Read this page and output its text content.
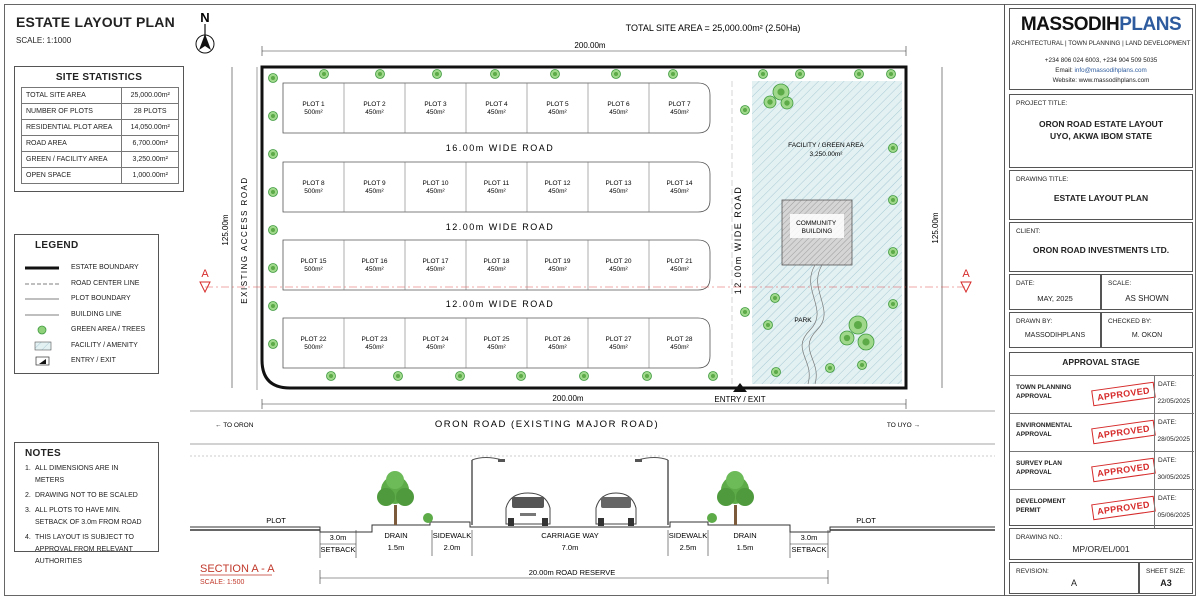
ESTATE LAYOUT PLAN
SCALE: 1:1000
SITE STATISTICS
TOTAL SITE AREA	25,000.00m²
NUMBER OF PLOTS	28 PLOTS
RESIDENTIAL PLOT AREA	14,050.00m²
ROAD AREA	6,700.00m²
GREEN / FACILITY AREA	3,250.00m²
OPEN SPACE	1,000.00m²
LEGEND
ESTATE BOUNDARY
ROAD CENTER LINE
PLOT BOUNDARY
BUILDING LINE
GREEN AREA / TREES
FACILITY / AMENITY
ENTRY / EXIT
NOTES
1. ALL DIMENSIONS ARE IN METERS
2. DRAWING NOT TO BE SCALED
3. ALL PLOTS TO HAVE MIN. SETBACK OF 3.0m FROM ROAD
4. THIS LAYOUT IS SUBJECT TO APPROVAL FROM RELEVANT AUTHORITIES
N
TOTAL SITE AREA = 25,000.00m² (2.50Ha)
200.00m
125.00m	125.00m
EXISTING ACCESS ROAD
PLOT 1
500m²
PLOT 2
450m²
PLOT 3
450m²
PLOT 4
450m²
PLOT 5
450m²
PLOT 6
450m²
PLOT 7
450m²
PLOT 8
500m²
PLOT 9
450m²
PLOT 10
450m²
PLOT 11
450m²
PLOT 12
450m²
PLOT 13
450m²
PLOT 14
450m²
PLOT 15
500m²
PLOT 16
450m²
PLOT 17
450m²
PLOT 18
450m²
PLOT 19
450m²
PLOT 20
450m²
PLOT 21
450m²
PLOT 22
500m²
PLOT 23
450m²
PLOT 24
450m²
PLOT 25
450m²
PLOT 26
450m²
PLOT 27
450m²
PLOT 28
450m²
16.00m WIDE ROAD
12.00m WIDE ROAD
12.00m WIDE ROAD
12.00m WIDE ROAD
FACILITY / GREEN AREA
3,250.00m²
COMMUNITY BUILDING
PARK
A	A
200.00m	ENTRY / EXIT
ORON ROAD (EXISTING MAJOR ROAD)
← TO ORON	TO UYO →
PLOT	PLOT
3.0m
SETBACK
DRAIN
1.5m
SIDEWALK
2.0m
CARRIAGE WAY
7.0m
SIDEWALK
2.5m
DRAIN
1.5m
3.0m
SETBACK
20.00m ROAD RESERVE
SECTION A - A
SCALE: 1:500
MASSODIHPLANS
ARCHITECTURAL | TOWN PLANNING | LAND DEVELOPMENT
+234 806 024 6003, +234 904 509 5035
Email: info@massodihplans.com
Website: www.massodihplans.com
PROJECT TITLE:
ORON ROAD ESTATE LAYOUT
UYO, AKWA IBOM STATE
DRAWING TITLE:
ESTATE LAYOUT PLAN
CLIENT:
ORON ROAD INVESTMENTS LTD.
DATE:
MAY, 2025
SCALE:
AS SHOWN
DRAWN BY:
MASSODIHPLANS
CHECKED BY:
M. OKON
APPROVAL STAGE
TOWN PLANNING APPROVAL	APPROVED
DATE:
22/05/2025
ENVIRONMENTAL APPROVAL	APPROVED
DATE:
28/05/2025
SURVEY PLAN APPROVAL	APPROVED
DATE:
30/05/2025
DEVELOPMENT PERMIT	APPROVED
DATE:
05/06/2025
DRAWING NO.:
MP/OR/EL/001
REVISION:
A
SHEET SIZE:
A3
